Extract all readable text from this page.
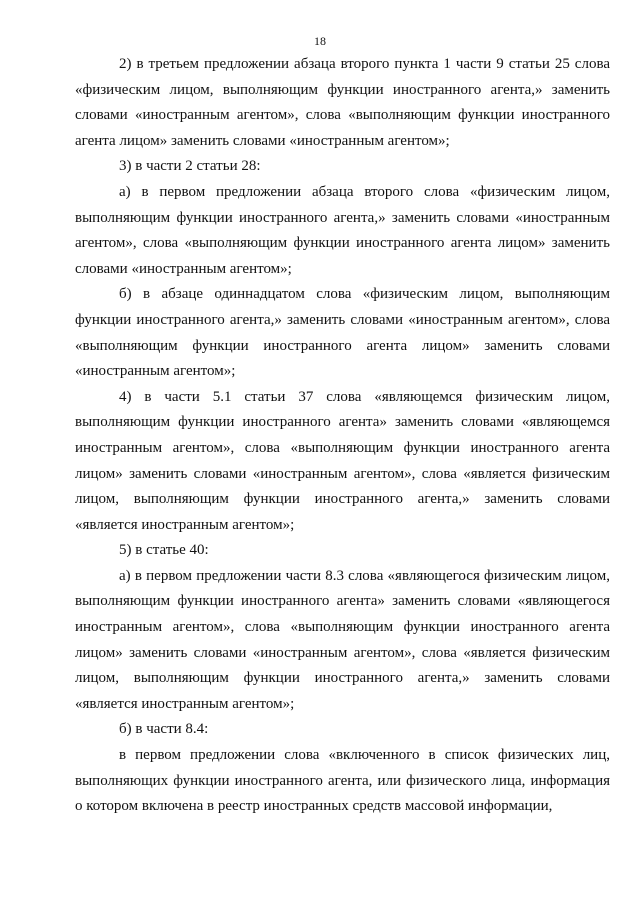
18

2) в третьем предложении абзаца второго пункта 1 части 9 статьи 25 слова «физическим лицом, выполняющим функции иностранного агента,» заменить словами «иностранным агентом», слова «выполняющим функции иностранного агента лицом» заменить словами «иностранным агентом»;

3) в части 2 статьи 28:

а) в первом предложении абзаца второго слова «физическим лицом, выполняющим функции иностранного агента,» заменить словами «иностранным агентом», слова «выполняющим функции иностранного агента лицом» заменить словами «иностранным агентом»;

б) в абзаце одиннадцатом слова «физическим лицом, выполняющим функции иностранного агента,» заменить словами «иностранным агентом», слова «выполняющим функции иностранного агента лицом» заменить словами «иностранным агентом»;

4) в части 5.1 статьи 37 слова «являющемся физическим лицом, выполняющим функции иностранного агента» заменить словами «являющемся иностранным агентом», слова «выполняющим функции иностранного агента лицом» заменить словами «иностранным агентом», слова «является физическим лицом, выполняющим функции иностранного агента,» заменить словами «является иностранным агентом»;

5) в статье 40:

а) в первом предложении части 8.3 слова «являющегося физическим лицом, выполняющим функции иностранного агента» заменить словами «являющегося иностранным агентом», слова «выполняющим функции иностранного агента лицом» заменить словами «иностранным агентом», слова «является физическим лицом, выполняющим функции иностранного агента,» заменить словами «является иностранным агентом»;

б) в части 8.4:

в первом предложении слова «включенного в список физических лиц, выполняющих функции иностранного агента, или физического лица, информация о котором включена в реестр иностранных средств массовой информации,
